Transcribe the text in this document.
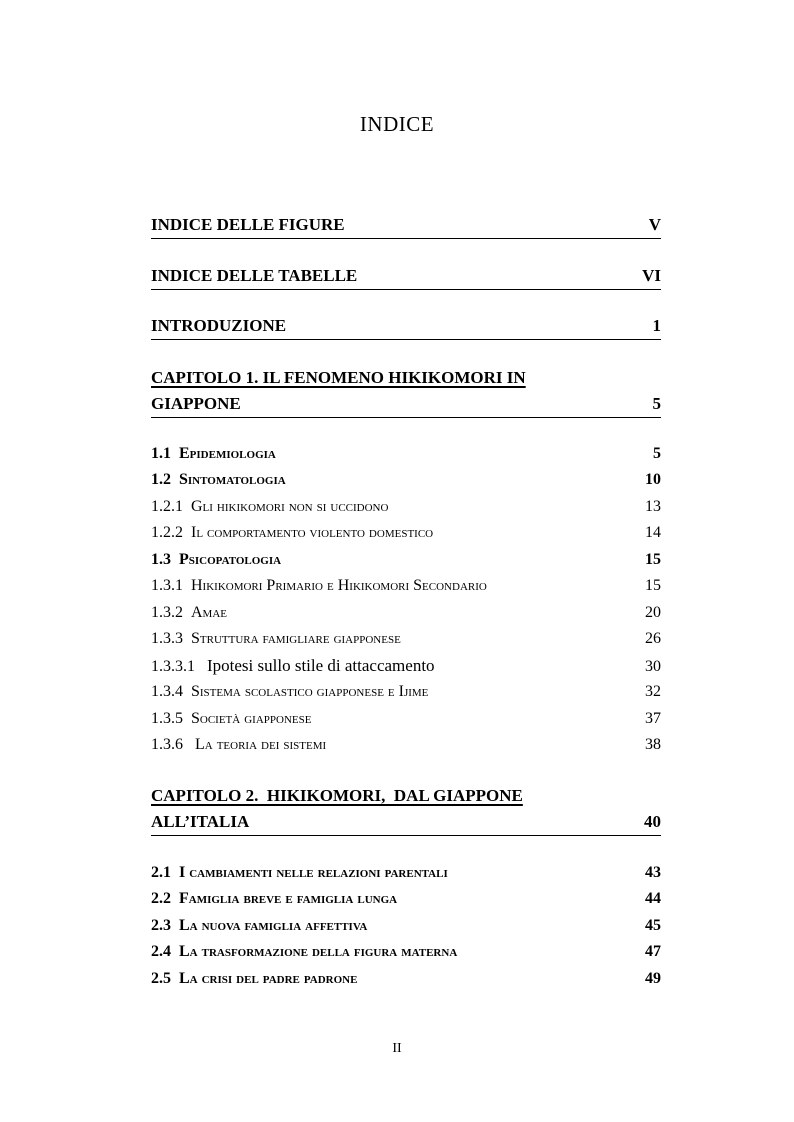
INDICE
INDICE DELLE FIGURE	V
INDICE DELLE TABELLE	VI
INTRODUZIONE	1
CAPITOLO 1. IL FENOMENO HIKIKOMORI IN
GIAPPONE	5
1.1 Epidemiologia	5
1.2 Sintomatologia	10
1.2.1 Gli hikikomori non si uccidono	13
1.2.2 Il comportamento violento domestico	14
1.3 Psicopatologia	15
1.3.1 Hikikomori Primario e Hikikomori Secondario	15
1.3.2 Amae	20
1.3.3 Struttura famigliare giapponese	26
1.3.3.1 Ipotesi sullo stile di attaccamento	30
1.3.4 Sistema scolastico giapponese e Ijime	32
1.3.5 Società giapponese	37
1.3.6 La teoria dei sistemi	38
CAPITOLO 2.  HIKIKOMORI,  DAL GIAPPONE
ALL’ITALIA	40
2.1 I cambiamenti nelle relazioni parentali	43
2.2 Famiglia breve e famiglia lunga	44
2.3 La nuova famiglia affettiva	45
2.4 La trasformazione della figura materna	47
2.5 La crisi del padre padrone	49
II
